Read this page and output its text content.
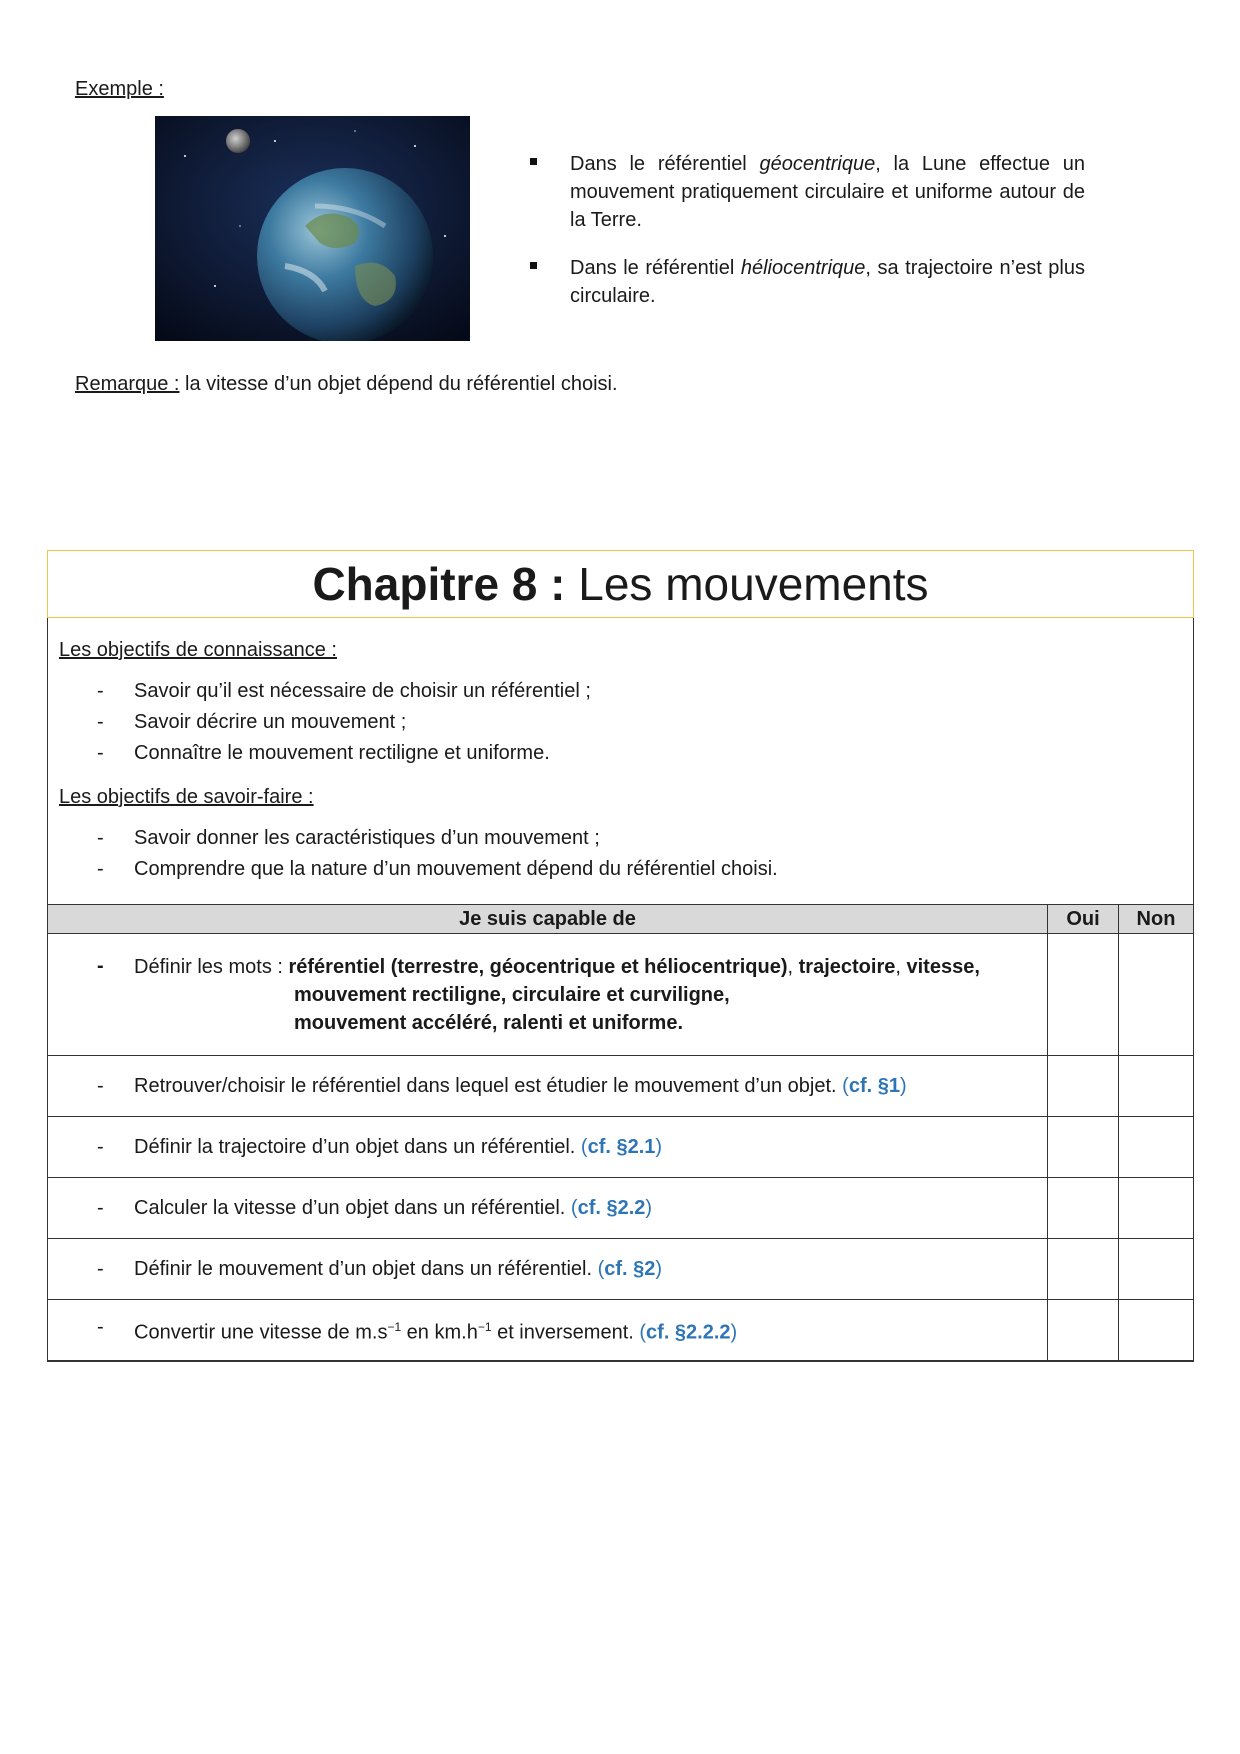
Exemple :
Dans le référentiel géocentrique, la Lune effectue un mouvement pratiquement circulaire et uniforme autour de la Terre.
Dans le référentiel héliocentrique, sa trajectoire n’est plus circulaire.
Remarque : la vitesse d’un objet dépend du référentiel choisi.
Chapitre 8 : Les mouvements

Les objectifs de connaissance :

- Savoir qu’il est nécessaire de choisir un référentiel ;
- Savoir décrire un mouvement ;
- Connaître le mouvement rectiligne et uniforme.

Les objectifs de savoir-faire :

- Savoir donner les caractéristiques d’un mouvement ;
- Comprendre que la nature d’un mouvement dépend du référentiel choisi.
Je suis capable de	Oui	Non

- Définir les mots : référentiel (terrestre, géocentrique et héliocentrique), trajectoire, vitesse,
mouvement rectiligne, circulaire et curviligne,
mouvement accéléré, ralenti et uniforme.		

- Retrouver/choisir le référentiel dans lequel est étudier le mouvement d’un objet. (cf. §1)		

- Définir la trajectoire d’un objet dans un référentiel. (cf. §2.1)		

- Calculer la vitesse d’un objet dans un référentiel. (cf. §2.2)		

- Définir le mouvement d’un objet dans un référentiel. (cf. §2)		

- Convertir une vitesse de $m.s^{-1}$ en $km.h^{-1}$ et inversement. (cf. §2.2.2)		
